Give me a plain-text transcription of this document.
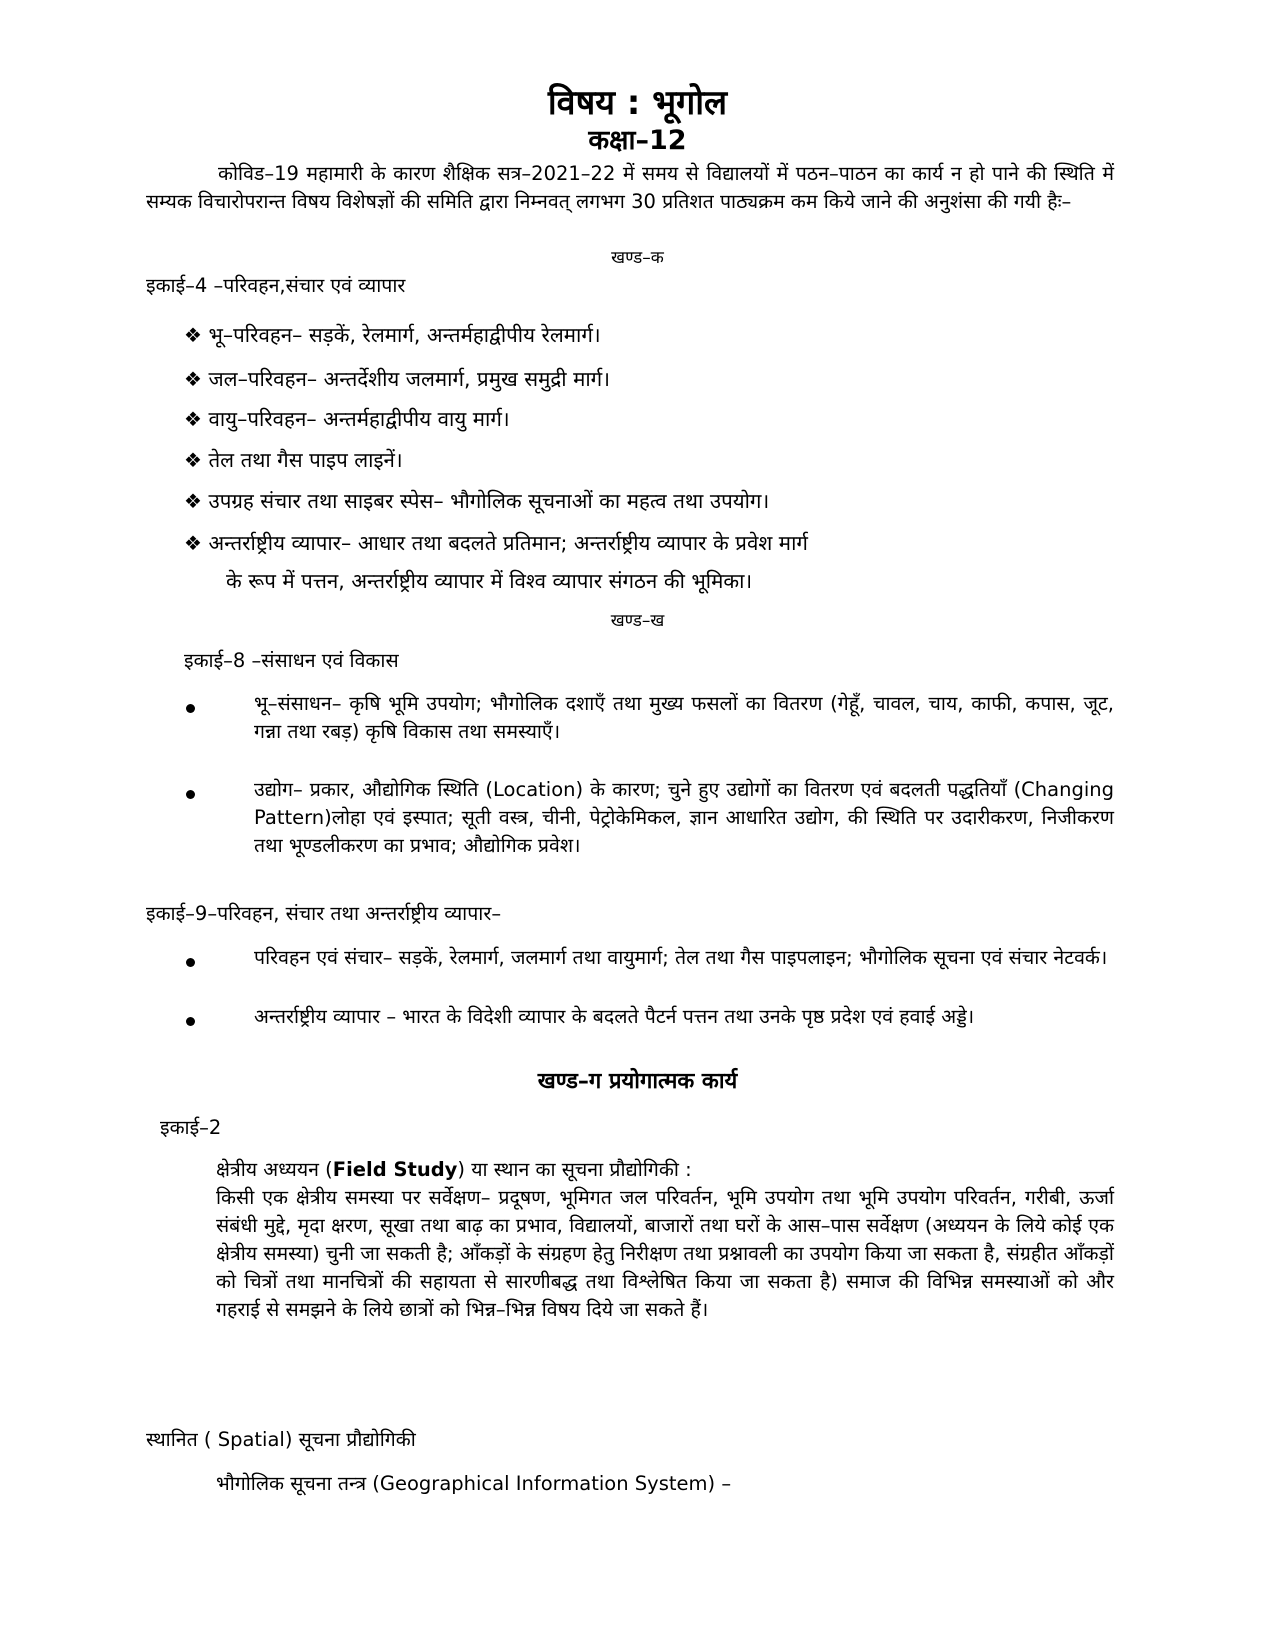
विषय : भूगोल
कक्षा–12
कोविड–19 महामारी के कारण शैक्षिक सत्र–2021–22 में समय से विद्यालयों में पठन–पाठन का कार्य न हो पाने की स्थिति में सम्यक विचारोपरान्त विषय विशेषज्ञों की समिति द्वारा निम्नवत् लगभग 30 प्रतिशत पाठ्यक्रम कम किये जाने की अनुशंसा की गयी हैः–
खण्ड–क
इकाई–4 –परिवहन,संचार एवं व्यापार
❖ भू–परिवहन– सड़कें, रेलमार्ग, अन्तर्महाद्वीपीय रेलमार्ग।
❖ जल–परिवहन– अन्तर्देशीय जलमार्ग, प्रमुख समुद्री मार्ग।
❖ वायु–परिवहन– अन्तर्महाद्वीपीय वायु मार्ग।
❖ तेल तथा गैस पाइप लाइनें।
❖ उपग्रह संचार तथा साइबर स्पेस– भौगोलिक सूचनाओं का महत्व तथा उपयोग।
❖ अन्तर्राष्ट्रीय व्यापार– आधार तथा बदलते प्रतिमान; अन्तर्राष्ट्रीय व्यापार के प्रवेश मार्ग
के रूप में पत्तन, अन्तर्राष्ट्रीय व्यापार में विश्व व्यापार संगठन की भूमिका।
खण्ड–ख
इकाई–8 –संसाधन एवं विकास
भू–संसाधन– कृषि भूमि उपयोग; भौगोलिक दशाएँ तथा मुख्य फसलों का वितरण (गेहूँ, चावल, चाय, काफी, कपास, जूट, गन्ना तथा रबड़) कृषि विकास तथा समस्याएँ।
उद्योग– प्रकार, औद्योगिक स्थिति (Location) के कारण; चुने हुए उद्योगों का वितरण एवं बदलती पद्धतियाँ (Changing Pattern)लोहा एवं इस्पात; सूती वस्त्र, चीनी, पेट्रोकेमिकल, ज्ञान आधारित उद्योग, की स्थिति पर उदारीकरण, निजीकरण तथा भूण्डलीकरण का प्रभाव; औद्योगिक प्रवेश।
इकाई–9–परिवहन, संचार तथा अन्तर्राष्ट्रीय व्यापार–
परिवहन एवं संचार– सड़कें, रेलमार्ग, जलमार्ग तथा वायुमार्ग; तेल तथा गैस पाइपलाइन; भौगोलिक सूचना एवं संचार नेटवर्क।
अन्तर्राष्ट्रीय व्यापार – भारत के विदेशी व्यापार के बदलते पैटर्न पत्तन तथा उनके पृष्ठ प्रदेश एवं हवाई अड्डे।
खण्ड–ग प्रयोगात्मक कार्य
इकाई–2
क्षेत्रीय अध्ययन (Field Study) या स्थान का सूचना प्रौद्योगिकी :
किसी एक क्षेत्रीय समस्या पर सर्वेक्षण– प्रदूषण, भूमिगत जल परिवर्तन, भूमि उपयोग तथा भूमि उपयोग परिवर्तन, गरीबी, ऊर्जा संबंधी मुद्दे, मृदा क्षरण, सूखा तथा बाढ़ का प्रभाव, विद्यालयों, बाजारों तथा घरों के आस–पास सर्वेक्षण (अध्ययन के लिये कोई एक क्षेत्रीय समस्या) चुनी जा सकती है; आँकड़ों के संग्रहण हेतु निरीक्षण तथा प्रश्नावली का उपयोग किया जा सकता है, संग्रहीत आँकड़ों को चित्रों तथा मानचित्रों की सहायता से सारणीबद्ध तथा विश्लेषित किया जा सकता है) समाज की विभिन्न समस्याओं को और गहराई से समझने के लिये छात्रों को भिन्न–भिन्न विषय दिये जा सकते हैं।
स्थानित ( Spatial) सूचना प्रौद्योगिकी
भौगोलिक सूचना तन्त्र (Geographical Information System) –
